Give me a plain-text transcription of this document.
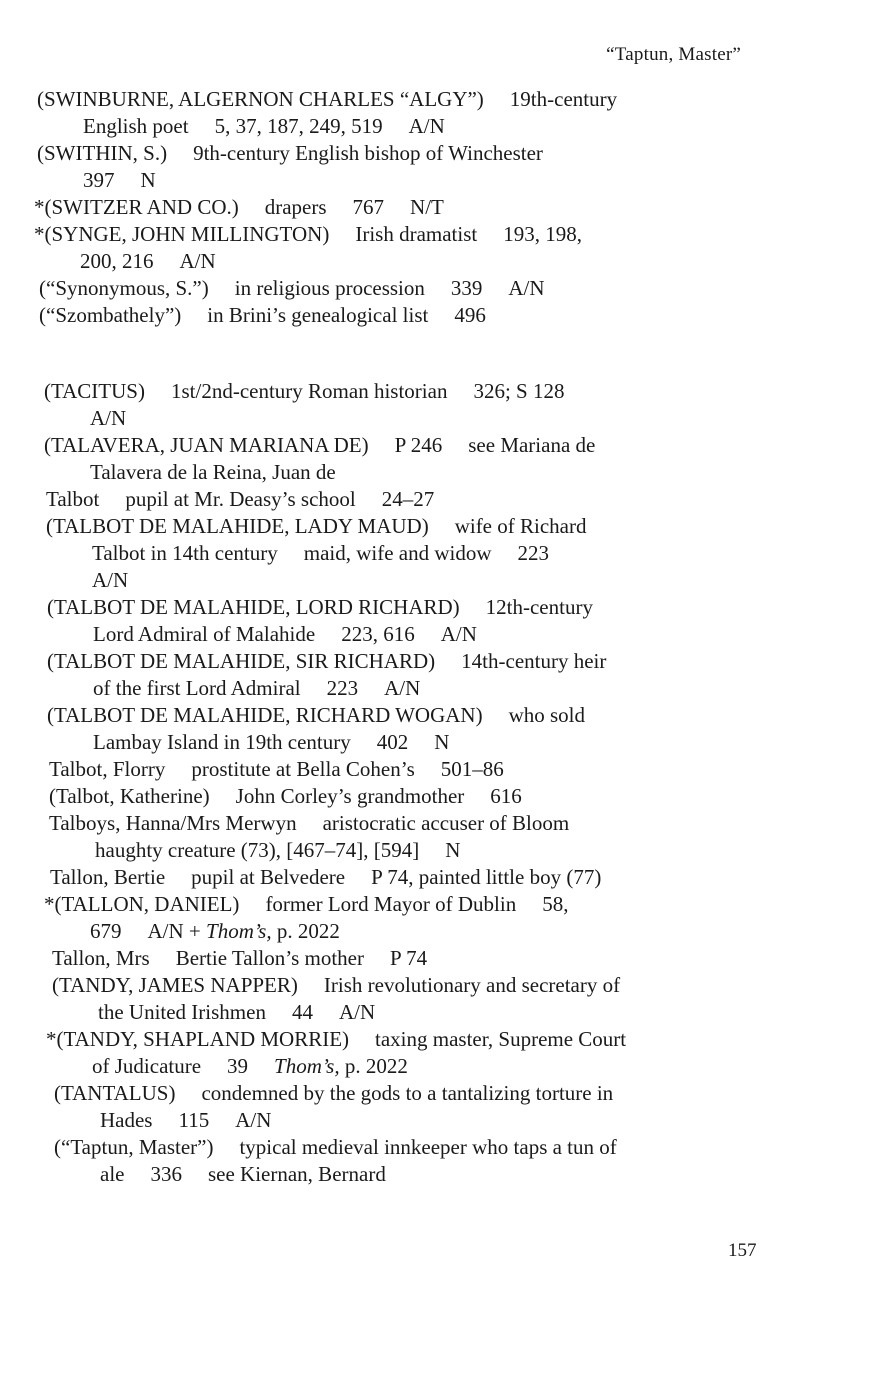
“Taptun, Master”
(SWINBURNE, ALGERNON CHARLES “ALGY”) 19th-century
English poet 5, 37, 187, 249, 519 A/N
(SWITHIN, S.) 9th-century English bishop of Winchester
397 N
*(SWITZER AND CO.) drapers 767 N/T
*(SYNGE, JOHN MILLINGTON) Irish dramatist 193, 198,
200, 216 A/N
(“Synonymous, S.”) in religious procession 339 A/N
(“Szombathely”) in Brini’s genealogical list 496
(TACITUS) 1st/2nd-century Roman historian 326; S 128
A/N
(TALAVERA, JUAN MARIANA DE) P 246 see Mariana de
Talavera de la Reina, Juan de
Talbot pupil at Mr. Deasy’s school 24–27
(TALBOT DE MALAHIDE, LADY MAUD) wife of Richard
Talbot in 14th century maid, wife and widow 223
A/N
(TALBOT DE MALAHIDE, LORD RICHARD) 12th-century
Lord Admiral of Malahide 223, 616 A/N
(TALBOT DE MALAHIDE, SIR RICHARD) 14th-century heir
of the first Lord Admiral 223 A/N
(TALBOT DE MALAHIDE, RICHARD WOGAN) who sold
Lambay Island in 19th century 402 N
Talbot, Florry prostitute at Bella Cohen’s 501–86
(Talbot, Katherine) John Corley’s grandmother 616
Talboys, Hanna/Mrs Merwyn aristocratic accuser of Bloom
haughty creature (73), [467–74], [594] N
Tallon, Bertie pupil at Belvedere P 74, painted little boy (77)
*(TALLON, DANIEL) former Lord Mayor of Dublin 58,
679 A/N + Thom’s, p. 2022
Tallon, Mrs Bertie Tallon’s mother P 74
(TANDY, JAMES NAPPER) Irish revolutionary and secretary of
the United Irishmen 44 A/N
*(TANDY, SHAPLAND MORRIE) taxing master, Supreme Court
of Judicature 39 Thom’s, p. 2022
(TANTALUS) condemned by the gods to a tantalizing torture in
Hades 115 A/N
(“Taptun, Master”) typical medieval innkeeper who taps a tun of
ale 336 see Kiernan, Bernard
157
